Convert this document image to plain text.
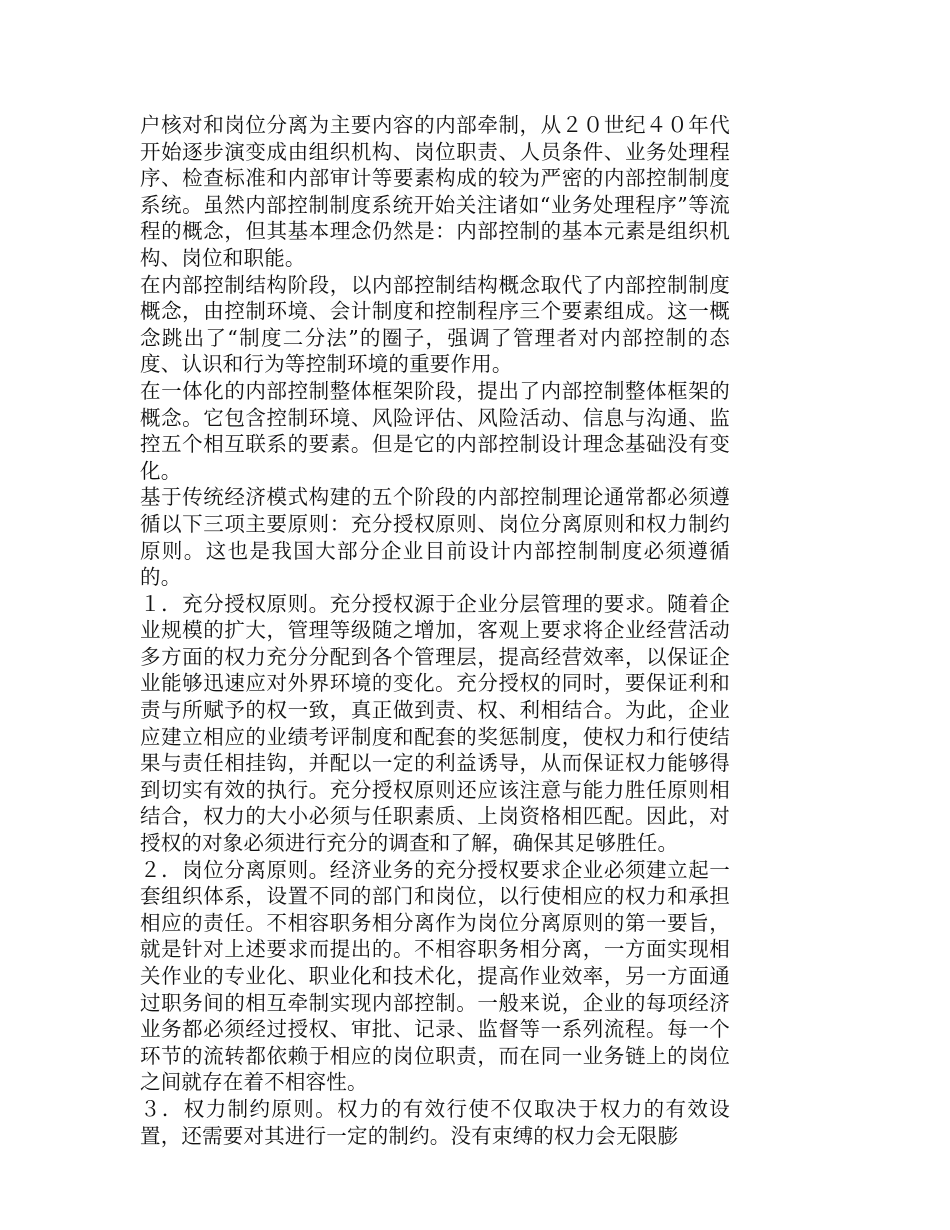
户核对和岗位分离为主要内容的内部牵制，从２０世纪４０年代开始逐步演变成由组织机构、岗位职责、人员条件、业务处理程序、检查标准和内部审计等要素构成的较为严密的内部控制制度系统。虽然内部控制制度系统开始关注诸如“业务处理程序”等流程的概念，但其基本理念仍然是：内部控制的基本元素是组织机构、岗位和职能。

在内部控制结构阶段，以内部控制结构概念取代了内部控制制度概念，由控制环境、会计制度和控制程序三个要素组成。这一概念跳出了“制度二分法”的圈子，强调了管理者对内部控制的态度、认识和行为等控制环境的重要作用。

在一体化的内部控制整体框架阶段，提出了内部控制整体框架的概念。它包含控制环境、风险评估、风险活动、信息与沟通、监控五个相互联系的要素。但是它的内部控制设计理念基础没有变化。

基于传统经济模式构建的五个阶段的内部控制理论通常都必须遵循以下三项主要原则：充分授权原则、岗位分离原则和权力制约原则。这也是我国大部分企业目前设计内部控制制度必须遵循的。

１．充分授权原则。充分授权源于企业分层管理的要求。随着企业规模的扩大，管理等级随之增加，客观上要求将企业经营活动多方面的权力充分分配到各个管理层，提高经营效率，以保证企业能够迅速应对外界环境的变化。充分授权的同时，要保证利和责与所赋予的权一致，真正做到责、权、利相结合。为此，企业应建立相应的业绩考评制度和配套的奖惩制度，使权力和行使结果与责任相挂钩，并配以一定的利益诱导，从而保证权力能够得到切实有效的执行。充分授权原则还应该注意与能力胜任原则相结合，权力的大小必须与任职素质、上岗资格相匹配。因此，对授权的对象必须进行充分的调查和了解，确保其足够胜任。

２．岗位分离原则。经济业务的充分授权要求企业必须建立起一套组织体系，设置不同的部门和岗位，以行使相应的权力和承担相应的责任。不相容职务相分离作为岗位分离原则的第一要旨，就是针对上述要求而提出的。不相容职务相分离，一方面实现相关作业的专业化、职业化和技术化，提高作业效率，另一方面通过职务间的相互牵制实现内部控制。一般来说，企业的每项经济业务都必须经过授权、审批、记录、监督等一系列流程。每一个环节的流转都依赖于相应的岗位职责，而在同一业务链上的岗位之间就存在着不相容性。

３．权力制约原则。权力的有效行使不仅取决于权力的有效设置，还需要对其进行一定的制约。没有束缚的权力会无限膨
